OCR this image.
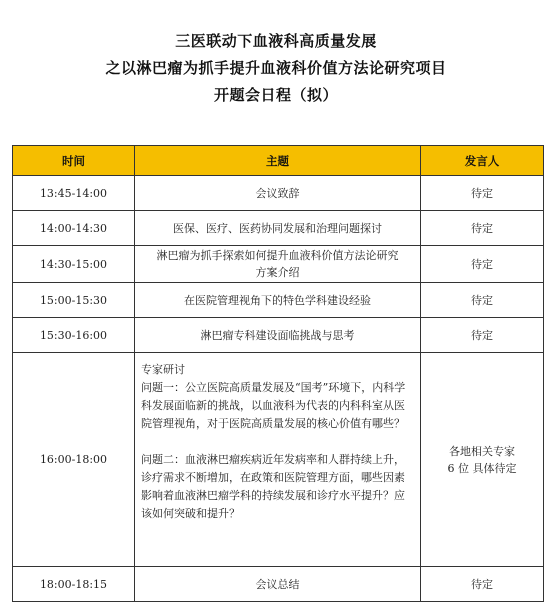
三医联动下血液科高质量发展
之以淋巴瘤为抓手提升血液科价值方法论研究项目
开题会日程（拟）
时间	主题	发言人
13:45-14:00	会议致辞	待定
14:00-14:30	医保、医疗、医药协同发展和治理问题探讨	待定
14:30-15:00	淋巴瘤为抓手探索如何提升血液科价值方法论研究
方案介绍	待定
15:00-15:30	在医院管理视角下的特色学科建设经验	待定
15:30-16:00	淋巴瘤专科建设面临挑战与思考	待定
16:00-18:00	专家研讨
问题一：公立医院高质量发展及“国考”环境下，内科学科发展面临新的挑战，以血液科为代表的内科科室从医院管理视角，对于医院高质量发展的核心价值有哪些？
问题二：血液淋巴瘤疾病近年发病率和人群持续上升，诊疗需求不断增加，在政策和医院管理方面，哪些因素影响着血液淋巴瘤学科的持续发展和诊疗水平提升？应该如何突破和提升？	各地相关专家
6 位 具体待定

18:00-18:15	会议总结	待定
